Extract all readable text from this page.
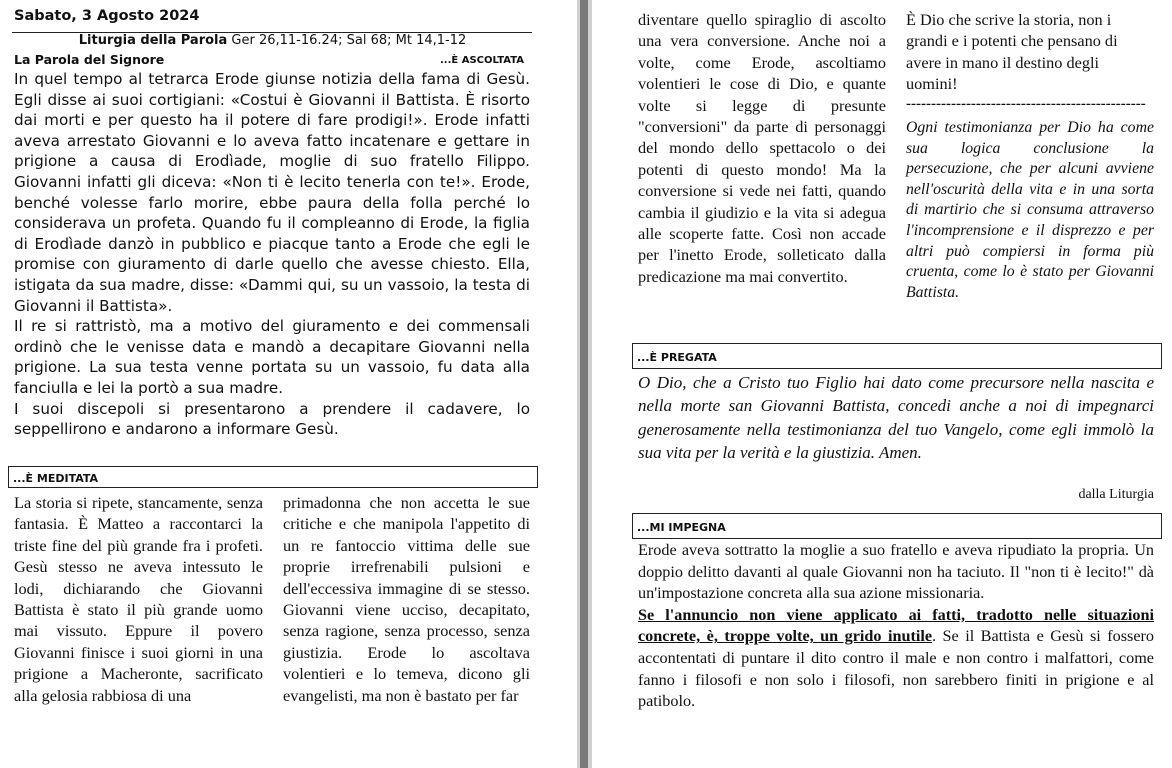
Sabato, 3 Agosto 2024
Liturgia della Parola Ger 26,11-16.24; Sal 68; Mt 14,1-12
La Parola del Signore	...È ASCOLTATA

In quel tempo al tetrarca Erode giunse notizia della fama di Gesù. Egli disse ai suoi cortigiani: «Costui è Giovanni il Battista. È risorto dai morti e per questo ha il potere di fare prodigi!». Erode infatti aveva arrestato Giovanni e lo aveva fatto incatenare e gettare in prigione a causa di Erodìade, moglie di suo fratello Filippo. Giovanni infatti gli diceva: «Non ti è lecito tenerla con te!». Erode, benché volesse farlo morire, ebbe paura della folla perché lo considerava un profeta. Quando fu il compleanno di Erode, la figlia di Erodìade danzò in pubblico e piacque tanto a Erode che egli le promise con giuramento di darle quello che avesse chiesto. Ella, istigata da sua madre, disse: «Dammi qui, su un vassoio, la testa di Giovanni il Battista».

Il re si rattristò, ma a motivo del giuramento e dei commensali ordinò che le venisse data e mandò a decapitare Giovanni nella prigione. La sua testa venne portata su un vassoio, fu data alla fanciulla e lei la portò a sua madre.

I suoi discepoli si presentarono a prendere il cadavere, lo seppellirono e andarono a informare Gesù.

...È MEDITATA

La storia si ripete, stancamente, senza fantasia. È Matteo a raccontarci la triste fine del più grande fra i profeti. Gesù stesso ne aveva intessuto le lodi, dichiarando che Giovanni Battista è stato il più grande uomo mai vissuto. Eppure il povero Giovanni finisce i suoi giorni in una prigione a Macheronte, sacrificato alla gelosia rabbiosa di una

primadonna che non accetta le sue critiche e che manipola l'appetito di un re fantoccio vittima delle sue proprie irrefrenabili pulsioni e dell'eccessiva immagine di se stesso. Giovanni viene ucciso, decapitato, senza ragione, senza processo, senza giustizia. Erode lo ascoltava volentieri e lo temeva, dicono gli evangelisti, ma non è bastato per far

diventare quello spiraglio di ascolto una vera conversione. Anche noi a volte, come Erode, ascoltiamo volentieri le cose di Dio, e quante volte si legge di presunte "conversioni" da parte di personaggi del mondo dello spettacolo o dei potenti di questo mondo! Ma la conversione si vede nei fatti, quando cambia il giudizio e la vita si adegua alle scoperte fatte. Così non accade per l'inetto Erode, solleticato dalla predicazione ma mai convertito.

È Dio che scrive la storia, non i grandi e i potenti che pensano di avere in mano il destino degli uomini!

------------------------------------------------

Ogni testimonianza per Dio ha come sua logica conclusione la persecuzione, che per alcuni avviene nell'oscurità della vita e in una sorta di martirio che si consuma attraverso l'incomprensione e il disprezzo e per altri può compiersi in forma più cruenta, come lo è stato per Giovanni Battista.

...È PREGATA

O Dio, che a Cristo tuo Figlio hai dato come precursore nella nascita e nella morte san Giovanni Battista, concedi anche a noi di impegnarci generosamente nella testimonianza del tuo Vangelo, come egli immolò la sua vita per la verità e la giustizia. Amen.

dalla Liturgia
...MI IMPEGNA
Erode aveva sottratto la moglie a suo fratello e aveva ripudiato la propria. Un doppio delitto davanti al quale Giovanni non ha taciuto. Il "non ti è lecito!" dà un'impostazione concreta alla sua azione missionaria.
Se l'annuncio non viene applicato ai fatti, tradotto nelle situazioni concrete, è, troppe volte, un grido inutile. Se il Battista e Gesù si fossero accontentati di puntare il dito contro il male e non contro i malfattori, come fanno i filosofi e non solo i filosofi, non sarebbero finiti in prigione e al patibolo.
